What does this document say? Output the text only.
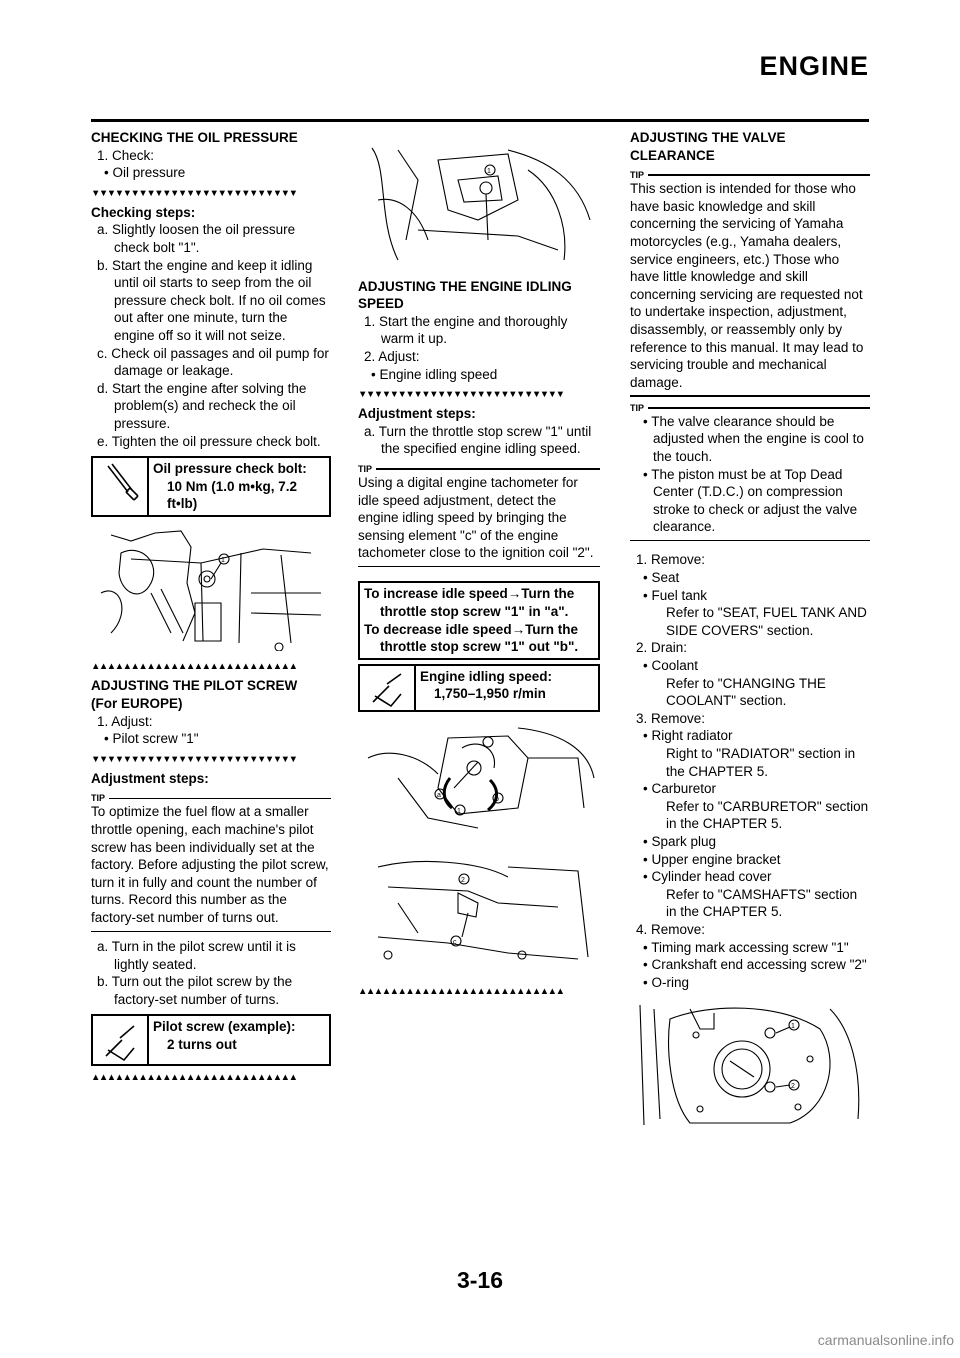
ENGINE

CHECKING THE OIL PRESSURE

1. Check:

• Oil pressure

▼▼▼▼▼▼▼▼▼▼▼▼▼▼▼▼▼▼▼▼▼▼▼▼▼▼

Checking steps:

a. Slightly loosen the oil pressure check bolt "1".

b. Start the engine and keep it idling until oil starts to seep from the oil pressure check bolt. If no oil comes out after one minute, turn the engine off so it will not seize.

c. Check oil passages and oil pump for damage or leakage.

d. Start the engine after solving the problem(s) and recheck the oil pressure.

e. Tighten the oil pressure check bolt.

Oil pressure check bolt:
10 Nm (1.0 m•kg, 7.2 ft•lb)
1
▲▲▲▲▲▲▲▲▲▲▲▲▲▲▲▲▲▲▲▲▲▲▲▲▲▲

ADJUSTING THE PILOT SCREW

(For EUROPE)

1. Adjust:

• Pilot screw "1"

▼▼▼▼▼▼▼▼▼▼▼▼▼▼▼▼▼▼▼▼▼▼▼▼▼▼

Adjustment steps:

TIP

To optimize the fuel flow at a smaller throttle opening, each machine's pilot screw has been individually set at the factory. Before adjusting the pilot screw, turn it in fully and count the number of turns. Record this number as the factory-set number of turns out.

a. Turn in the pilot screw until it is lightly seated.

b. Turn out the pilot screw by the factory-set number of turns.

Pilot screw (example):
2 turns out
▲▲▲▲▲▲▲▲▲▲▲▲▲▲▲▲▲▲▲▲▲▲▲▲▲▲
1

ADJUSTING THE ENGINE IDLING

SPEED

1. Start the engine and thoroughly warm it up.

2. Adjust:

• Engine idling speed

▼▼▼▼▼▼▼▼▼▼▼▼▼▼▼▼▼▼▼▼▼▼▼▼▼▼

Adjustment steps:

a. Turn the throttle stop screw "1" until the specified engine idling speed.

TIP

Using a digital engine tachometer for idle speed adjustment, detect the engine idling speed by bringing the sensing element "c" of the engine tachometer close to the ignition coil "2".

To increase idle speed→Turn the
throttle stop screw "1" in "a".
To decrease idle speed→Turn the
throttle stop screw "1" out "b".
Engine idling speed:
1,750–1,950 r/min
a
b
1
2
c
▲▲▲▲▲▲▲▲▲▲▲▲▲▲▲▲▲▲▲▲▲▲▲▲▲▲

ADJUSTING THE VALVE

CLEARANCE

TIP

This section is intended for those who have basic knowledge and skill concerning the servicing of Yamaha motorcycles (e.g., Yamaha dealers, service engineers, etc.) Those who have little knowledge and skill concerning servicing are requested not to undertake inspection, adjustment, disassembly, or reassembly only by reference to this manual. It may lead to servicing trouble and mechanical damage.

TIP

• The valve clearance should be adjusted when the engine is cool to the touch.

• The piston must be at Top Dead Center (T.D.C.) on compression stroke to check or adjust the valve clearance.

1. Remove:

• Seat

• Fuel tank

Refer to "SEAT, FUEL TANK AND SIDE COVERS" section.

2. Drain:

• Coolant

Refer to "CHANGING THE COOLANT" section.

3. Remove:

• Right radiator

Right to "RADIATOR" section in the CHAPTER 5.

• Carburetor

Refer to "CARBURETOR" section in the CHAPTER 5.

• Spark plug

• Upper engine bracket

• Cylinder head cover

Refer to "CAMSHAFTS" section in the CHAPTER 5.

4. Remove:

• Timing mark accessing screw "1"

• Crankshaft end accessing screw "2"

• O-ring

1
2
3-16
carmanualsonline.info
